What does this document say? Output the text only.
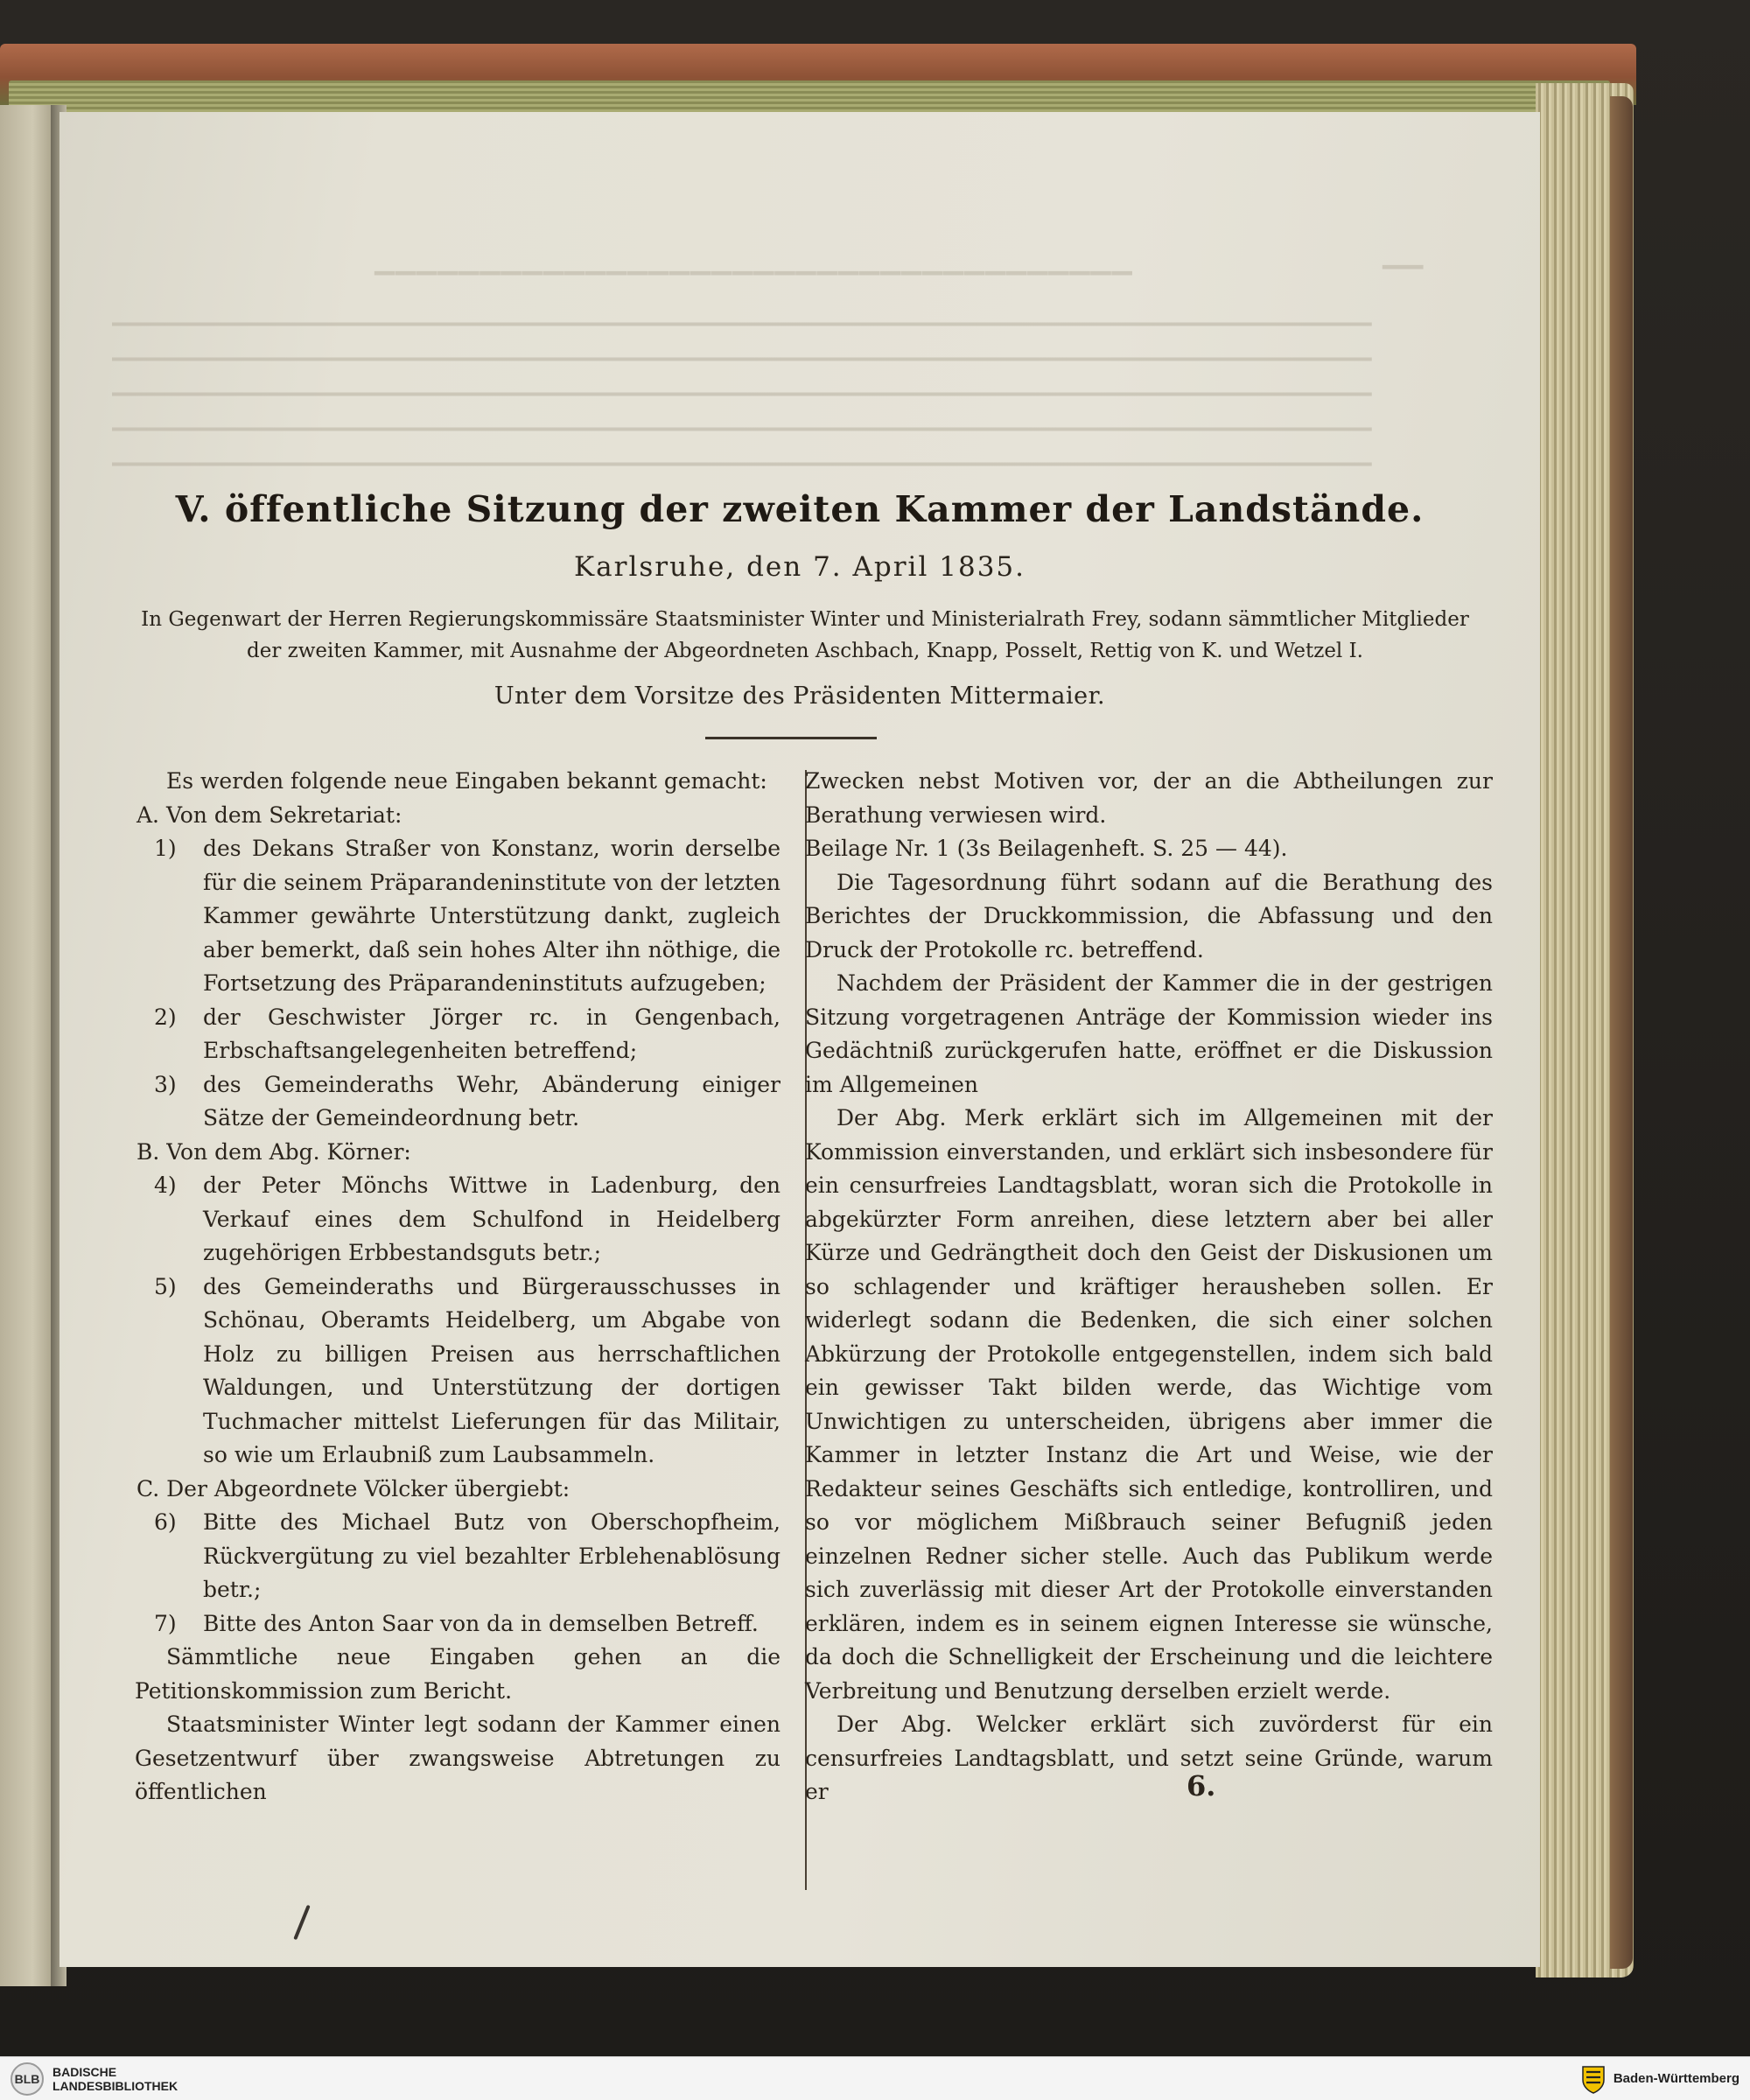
▁▁▁▁▁▁▁▁▁▁▁▁▁▁▁▁▁▁▁▁▁▁▁▁▁▁▁▁▁▁▁▁▁▁▁▁	▁▁
▁▁▁▁▁▁▁▁▁▁▁▁▁▁▁▁▁▁▁▁▁▁▁▁▁▁▁▁▁▁▁▁▁▁▁▁▁▁▁▁▁▁▁▁▁▁▁▁▁▁▁▁▁▁▁▁▁▁▁▁▁▁▁▁▁▁▁▁▁▁▁▁
▁▁▁▁▁▁▁▁▁▁▁▁▁▁▁▁▁▁▁▁▁▁▁▁▁▁▁▁▁▁▁▁▁▁▁▁▁▁▁▁▁▁▁▁▁▁▁▁▁▁▁▁▁▁▁▁▁▁▁▁▁▁▁▁▁▁▁▁▁▁▁▁
▁▁▁▁▁▁▁▁▁▁▁▁▁▁▁▁▁▁▁▁▁▁▁▁▁▁▁▁▁▁▁▁▁▁▁▁▁▁▁▁▁▁▁▁▁▁▁▁▁▁▁▁▁▁▁▁▁▁▁▁▁▁▁▁▁▁▁▁▁▁▁▁
▁▁▁▁▁▁▁▁▁▁▁▁▁▁▁▁▁▁▁▁▁▁▁▁▁▁▁▁▁▁▁▁▁▁▁▁▁▁▁▁▁▁▁▁▁▁▁▁▁▁▁▁▁▁▁▁▁▁▁▁▁▁▁▁▁▁▁▁▁▁▁▁
▁▁▁▁▁▁▁▁▁▁▁▁▁▁▁▁▁▁▁▁▁▁▁▁▁▁▁▁▁▁▁▁▁▁▁▁▁▁▁▁▁▁▁▁▁▁▁▁▁▁▁▁▁▁▁▁▁▁▁▁▁▁▁▁▁▁▁▁▁▁▁▁
V. öffentliche Sitzung der zweiten Kammer der Landstände.
Karlsruhe, den 7. April 1835.
In Gegenwart der Herren Regierungskommissäre Staatsminister Winter und Ministerialrath Frey, sodann sämmtlicher Mitglieder
der zweiten Kammer, mit Ausnahme der Abgeordneten Aschbach, Knapp, Posselt, Rettig von K. und Wetzel I.
Unter dem Vorsitze des Präsidenten Mittermaier.

Es werden folgende neue Eingaben bekannt gemacht:

A. Von dem Sekretariat:

1)	des Dekans Straßer von Konstanz, worin derselbe für die seinem Präparandeninstitute von der letzten Kammer gewährte Unterstützung dankt, zugleich aber bemerkt, daß sein hohes Alter ihn nöthige, die Fortsetzung des Präparandeninstituts aufzugeben;
2)	der Geschwister Jörger rc. in Gengenbach, Erbschaftsangelegenheiten betreffend;
3)	des Gemeinderaths Wehr, Abänderung einiger Sätze der Gemeindeordnung betr.

B. Von dem Abg. Körner:

4)	der Peter Mönchs Wittwe in Ladenburg, den Verkauf eines dem Schulfond in Heidelberg zugehörigen Erbbestandsguts betr.;
5)	des Gemeinderaths und Bürgerausschusses in Schönau, Oberamts Heidelberg, um Abgabe von Holz zu billigen Preisen aus herrschaftlichen Waldungen, und Unterstützung der dortigen Tuchmacher mittelst Lieferungen für das Militair, so wie um Erlaubniß zum Laubsammeln.

C. Der Abgeordnete Völcker übergiebt:

6)	Bitte des Michael Butz von Oberschopfheim, Rückvergütung zu viel bezahlter Erblehenablösung betr.;
7)	Bitte des Anton Saar von da in demselben Betreff.

Sämmtliche neue Eingaben gehen an die Petitionskommission zum Bericht.

Staatsminister Winter legt sodann der Kammer einen Gesetzentwurf über zwangsweise Abtretungen zu öffentlichen

Zwecken nebst Motiven vor, der an die Abtheilungen zur Berathung verwiesen wird.

Beilage Nr. 1 (3s Beilagenheft. S. 25 — 44).

Die Tagesordnung führt sodann auf die Berathung des Berichtes der Druckkommission, die Abfassung und den Druck der Protokolle rc. betreffend.

Nachdem der Präsident der Kammer die in der gestrigen Sitzung vorgetragenen Anträge der Kommission wieder ins Gedächtniß zurückgerufen hatte, eröffnet er die Diskussion im Allgemeinen

Der Abg. Merk erklärt sich im Allgemeinen mit der Kommission einverstanden, und erklärt sich insbesondere für ein censurfreies Landtagsblatt, woran sich die Protokolle in abgekürzter Form anreihen, diese letztern aber bei aller Kürze und Gedrängtheit doch den Geist der Diskusionen um so schlagender und kräftiger herausheben sollen. Er widerlegt sodann die Bedenken, die sich einer solchen Abkürzung der Protokolle entgegenstellen, indem sich bald ein gewisser Takt bilden werde, das Wichtige vom Unwichtigen zu unterscheiden, übrigens aber immer die Kammer in letzter Instanz die Art und Weise, wie der Redakteur seines Geschäfts sich entledige, kontrolliren, und so vor möglichem Mißbrauch seiner Befugniß jeden einzelnen Redner sicher stelle. Auch das Publikum werde sich zuverlässig mit dieser Art der Protokolle einverstanden erklären, indem es in seinem eignen Interesse sie wünsche, da doch die Schnelligkeit der Erscheinung und die leichtere Verbreitung und Benutzung derselben erzielt werde.

Der Abg. Welcker erklärt sich zuvörderst für ein censurfreies Landtagsblatt, und setzt seine Gründe, warum er	6.
BLB	BADISCHE
LANDESBIBLIOTHEK	Baden-Württemberg
